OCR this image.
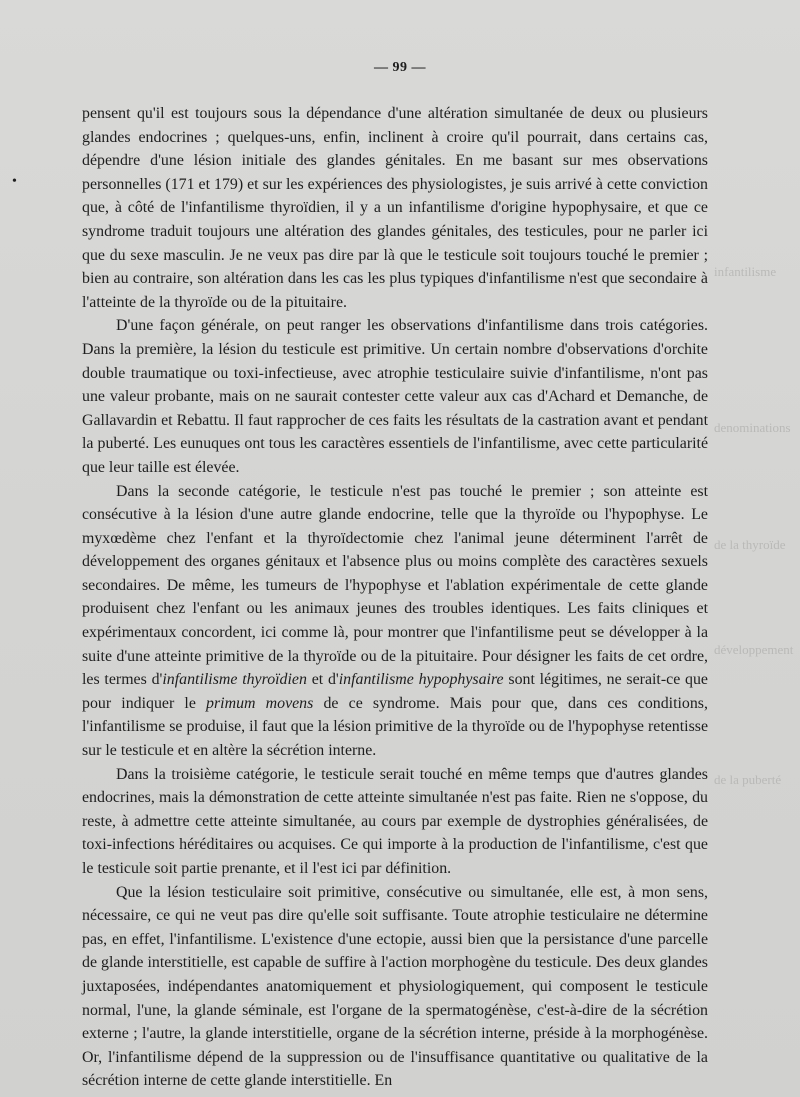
— 99 —
•
infantilisme
denominations
de la thyroïde
développement
de la puberté

pensent qu'il est toujours sous la dépendance d'une altération simultanée de deux ou plusieurs glandes endocrines ; quelques-uns, enfin, inclinent à croire qu'il pourrait, dans certains cas, dépendre d'une lésion initiale des glandes génitales. En me basant sur mes observations personnelles (171 et 179) et sur les expériences des physiologistes, je suis arrivé à cette conviction que, à côté de l'infantilisme thyroïdien, il y a un infantilisme d'origine hypophysaire, et que ce syndrome traduit toujours une altération des glandes génitales, des testicules, pour ne parler ici que du sexe masculin. Je ne veux pas dire par là que le testicule soit toujours touché le premier ; bien au contraire, son altération dans les cas les plus typiques d'infantilisme n'est que secondaire à l'atteinte de la thyroïde ou de la pituitaire.

D'une façon générale, on peut ranger les observations d'infantilisme dans trois catégories. Dans la première, la lésion du testicule est primitive. Un certain nombre d'observations d'orchite double traumatique ou toxi-infectieuse, avec atrophie testiculaire suivie d'infantilisme, n'ont pas une valeur probante, mais on ne saurait contester cette valeur aux cas d'Achard et Demanche, de Gallavardin et Rebattu. Il faut rapprocher de ces faits les résultats de la castration avant et pendant la puberté. Les eunuques ont tous les caractères essentiels de l'infantilisme, avec cette particularité que leur taille est élevée.

Dans la seconde catégorie, le testicule n'est pas touché le premier ; son atteinte est consécutive à la lésion d'une autre glande endocrine, telle que la thyroïde ou l'hypophyse. Le myxœdème chez l'enfant et la thyroïdectomie chez l'animal jeune déterminent l'arrêt de développement des organes génitaux et l'absence plus ou moins complète des caractères sexuels secondaires. De même, les tumeurs de l'hypophyse et l'ablation expérimentale de cette glande produisent chez l'enfant ou les animaux jeunes des troubles identiques. Les faits cliniques et expérimentaux concordent, ici comme là, pour montrer que l'infantilisme peut se développer à la suite d'une atteinte primitive de la thyroïde ou de la pituitaire. Pour désigner les faits de cet ordre, les termes d'infantilisme thyroïdien et d'infantilisme hypophysaire sont légitimes, ne serait-ce que pour indiquer le primum movens de ce syndrome. Mais pour que, dans ces conditions, l'infantilisme se produise, il faut que la lésion primitive de la thyroïde ou de l'hypophyse retentisse sur le testicule et en altère la sécrétion interne.

Dans la troisième catégorie, le testicule serait touché en même temps que d'autres glandes endocrines, mais la démonstration de cette atteinte simultanée n'est pas faite. Rien ne s'oppose, du reste, à admettre cette atteinte simultanée, au cours par exemple de dystrophies généralisées, de toxi-infections héréditaires ou acquises. Ce qui importe à la production de l'infantilisme, c'est que le testicule soit partie prenante, et il l'est ici par définition.

Que la lésion testiculaire soit primitive, consécutive ou simultanée, elle est, à mon sens, nécessaire, ce qui ne veut pas dire qu'elle soit suffisante. Toute atrophie testiculaire ne détermine pas, en effet, l'infantilisme. L'existence d'une ectopie, aussi bien que la persistance d'une parcelle de glande interstitielle, est capable de suffire à l'action morphogène du testicule. Des deux glandes juxtaposées, indépendantes anatomiquement et physiologiquement, qui composent le testicule normal, l'une, la glande séminale, est l'organe de la spermatogénèse, c'est-à-dire de la sécrétion externe ; l'autre, la glande interstitielle, organe de la sécrétion interne, préside à la morphogénèse. Or, l'infantilisme dépend de la suppression ou de l'insuffisance quantitative ou qualitative de la sécrétion interne de cette glande interstitielle. En
